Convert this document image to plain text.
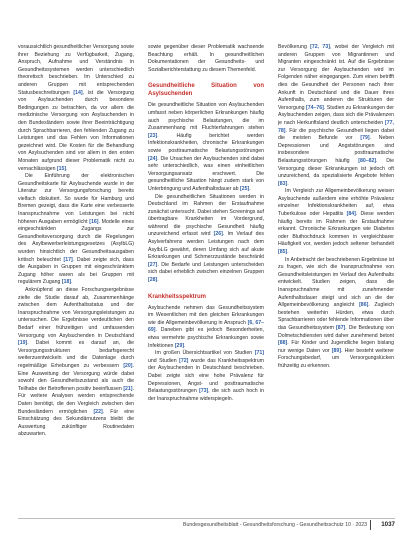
voraussichtlich gesundheitlicher Versorgung sowie ihrer Beziehung zu Verfügbarkeit, Zugang, Anspruch, Aufnahme und Verständnis in Gesundheitssystemen werden unterschiedlich theoretisch beschrieben. Im Unterschied zu anderen Gruppen mit entsprechenden Statusbeschreibungen [14], ist die Versorgung von Asylsuchenden durch besondere Bedingungen zu betrachten, da vor allem die medizinische Versorgung von Asylsuchenden in den Bundesländern sowie ihrer Beeinträchtigung durch Sprachbarrieren, den fehlenden Zugang zu Leistungen und das Fehlen von Informationen gezeichnet wird. Die Kosten für die Behandlung von Asylsuchenden sind vor allem in den ersten Monaten aufgrund dieser Problematik nicht zu vernachlässigen [15].

Die Einführung der elektronischen Gesundheitskarte für Asylsuchende wurde in der Literatur zur Versorgungsforschung bereits vielfach diskutiert. So wurde für Hamburg und Bremen gezeigt, dass die Karte eine verbesserte Inanspruchnahme von Leistungen bei nicht höheren Ausgaben ermöglicht [16]. Modelle eines eingeschränkten Zugangs zur Gesundheitsversorgung durch die Regelungen des Asylbewerberleistungsgesetzes (AsylbLG) wurden hinsichtlich der Gesundheitsausgaben kritisch beleuchtet [17]. Dabei zeigte sich, dass die Ausgaben in Gruppen mit eingeschränktem Zugang höher waren als bei Gruppen mit regulärem Zugang [18].

Anknüpfend an diese Forschungsergebnisse zielte die Studie darauf ab, Zusammenhänge zwischen dem Aufenthaltsstatus und der Inanspruchnahme von Versorgungsleistungen zu untersuchen. Die Ergebnisse verdeutlichen den Bedarf einer frühzeitigen und umfassenden Versorgung von Asylsuchenden in Deutschland [19]. Dabei kommt es darauf an, die Versorgungsstrukturen bedarfsgerecht weiterzuentwickeln und die Datenlage durch regelmäßige Erhebungen zu verbessern [20]. Eine Ausweitung der Versorgung würde dabei sowohl den Gesundheitszustand als auch die Teilhabe der Betroffenen positiv beeinflussen [21]. Für weitere Analysen werden entsprechende Daten benötigt, die den Vergleich zwischen den Bundesländern ermöglichen [22]. Für eine Einschätzung des Sekundärnutzens bleibt die Auswertung zukünftiger Routinedaten abzuwarten.

sowie gegenüber dieser Problematik wachsende Beachtung erhält. In gesundheitlichen Dokumentationen der Gesundheits- und Sozialberichterstattung zu diesem Themenfeld.

Gesundheitliche Situation von Asylsuchenden

Die gesundheitliche Situation von Asylsuchenden umfasst neben körperlichen Erkrankungen häufig auch psychische Belastungen, die im Zusammenhang mit Fluchterfahrungen stehen [23]. Häufig berichtet werden Infektionskrankheiten, chronische Erkrankungen sowie posttraumatische Belastungsstörungen [24]. Die Ursachen der Asylsuchenden sind dabei sehr unterschiedlich, was einen einheitlichen Versorgungsansatz erschwert. Die gesundheitliche Situation hängt zudem stark von Unterbringung und Aufenthaltsdauer ab [25].

Die gesundheitlichen Situationen werden in Deutschland im Rahmen der Erstaufnahme zunächst untersucht. Dabei stehen Screenings auf übertragbare Krankheiten im Vordergrund, während die psychische Gesundheit häufig unzureichend erfasst wird [26]. Im Verlauf des Asylverfahrens werden Leistungen nach dem AsylbLG gewährt, deren Umfang sich auf akute Erkrankungen und Schmerzzustände beschränkt [27]. Die Bedarfe und Leistungen unterscheiden sich dabei erheblich zwischen einzelnen Gruppen [28].

Krankheitsspektrum

Asylsuchende nehmen das Gesundheitssystem im Wesentlichen mit den gleichen Erkrankungen wie die Allgemeinbevölkerung in Anspruch [6, 67–69]. Daneben gibt es jedoch Besonderheiten, etwa vermehrte psychische Erkrankungen sowie Infektionen [29].

Im großen Übersichtsartikel von Studien [71] und Studien [72] wurde das Krankheitsspektrum der Asylsuchenden in Deutschland beschrieben. Dabei zeigte sich eine hohe Prävalenz für Depressionen, Angst- und posttraumatische Belastungsstörungen [73], die sich auch hoch in der Inanspruchnahme widerspiegeln.

Bevölkerung [72, 73], wobei der Vergleich mit anderen Gruppen von Migrantinnen und Migranten eingeschränkt ist. Auf die Ergebnisse zur Versorgung der Asylsuchenden wird im Folgenden näher eingegangen. Zum einen betrifft dies die Gesundheit der Personen nach ihrer Ankunft in Deutschland und die Dauer ihres Aufenthalts, zum anderen die Strukturen der Versorgung [74–76]. Studien zu Erkrankungen der Asylsuchenden zeigen, dass sich die Prävalenzen je nach Herkunftsland deutlich unterscheiden [77, 78]. Für die psychische Gesundheit liegen dabei die meisten Befunde vor [79]. Neben Depressionen und Angststörungen sind insbesondere posttraumatische Belastungsstörungen häufig [80–82]. Die Versorgung dieser Erkrankungen ist jedoch oft unzureichend, da spezialisierte Angebote fehlen [83].

Im Vergleich zur Allgemeinbevölkerung weisen Asylsuchende außerdem eine erhöhte Prävalenz einzelner Infektionskrankheiten auf, etwa Tuberkulose oder Hepatitis [84]. Diese werden häufig bereits im Rahmen der Erstaufnahme erkannt. Chronische Erkrankungen wie Diabetes oder Bluthochdruck kommen in vergleichbarer Häufigkeit vor, werden jedoch seltener behandelt [85].

In Anbetracht der beschriebenen Ergebnisse ist zu fragen, wie sich die Inanspruchnahme von Gesundheitsleistungen im Verlauf des Aufenthalts entwickelt. Studien zeigen, dass die Inanspruchnahme mit zunehmender Aufenthaltsdauer steigt und sich an die der Allgemeinbevölkerung angleicht [86]. Zugleich bestehen weiterhin Hürden, etwa durch Sprachbarrieren oder fehlende Informationen über das Gesundheitssystem [87]. Die Bedeutung von Dolmetschdiensten wird daher zunehmend betont [88]. Für Kinder und Jugendliche liegen bislang nur wenige Daten vor [89]. Hier besteht weiterer Forschungsbedarf, um Versorgungslücken frühzeitig zu erkennen.

Bundesgesundheitsblatt - Gesundheitsforschung - Gesundheitsschutz 10 · 2023 1037
